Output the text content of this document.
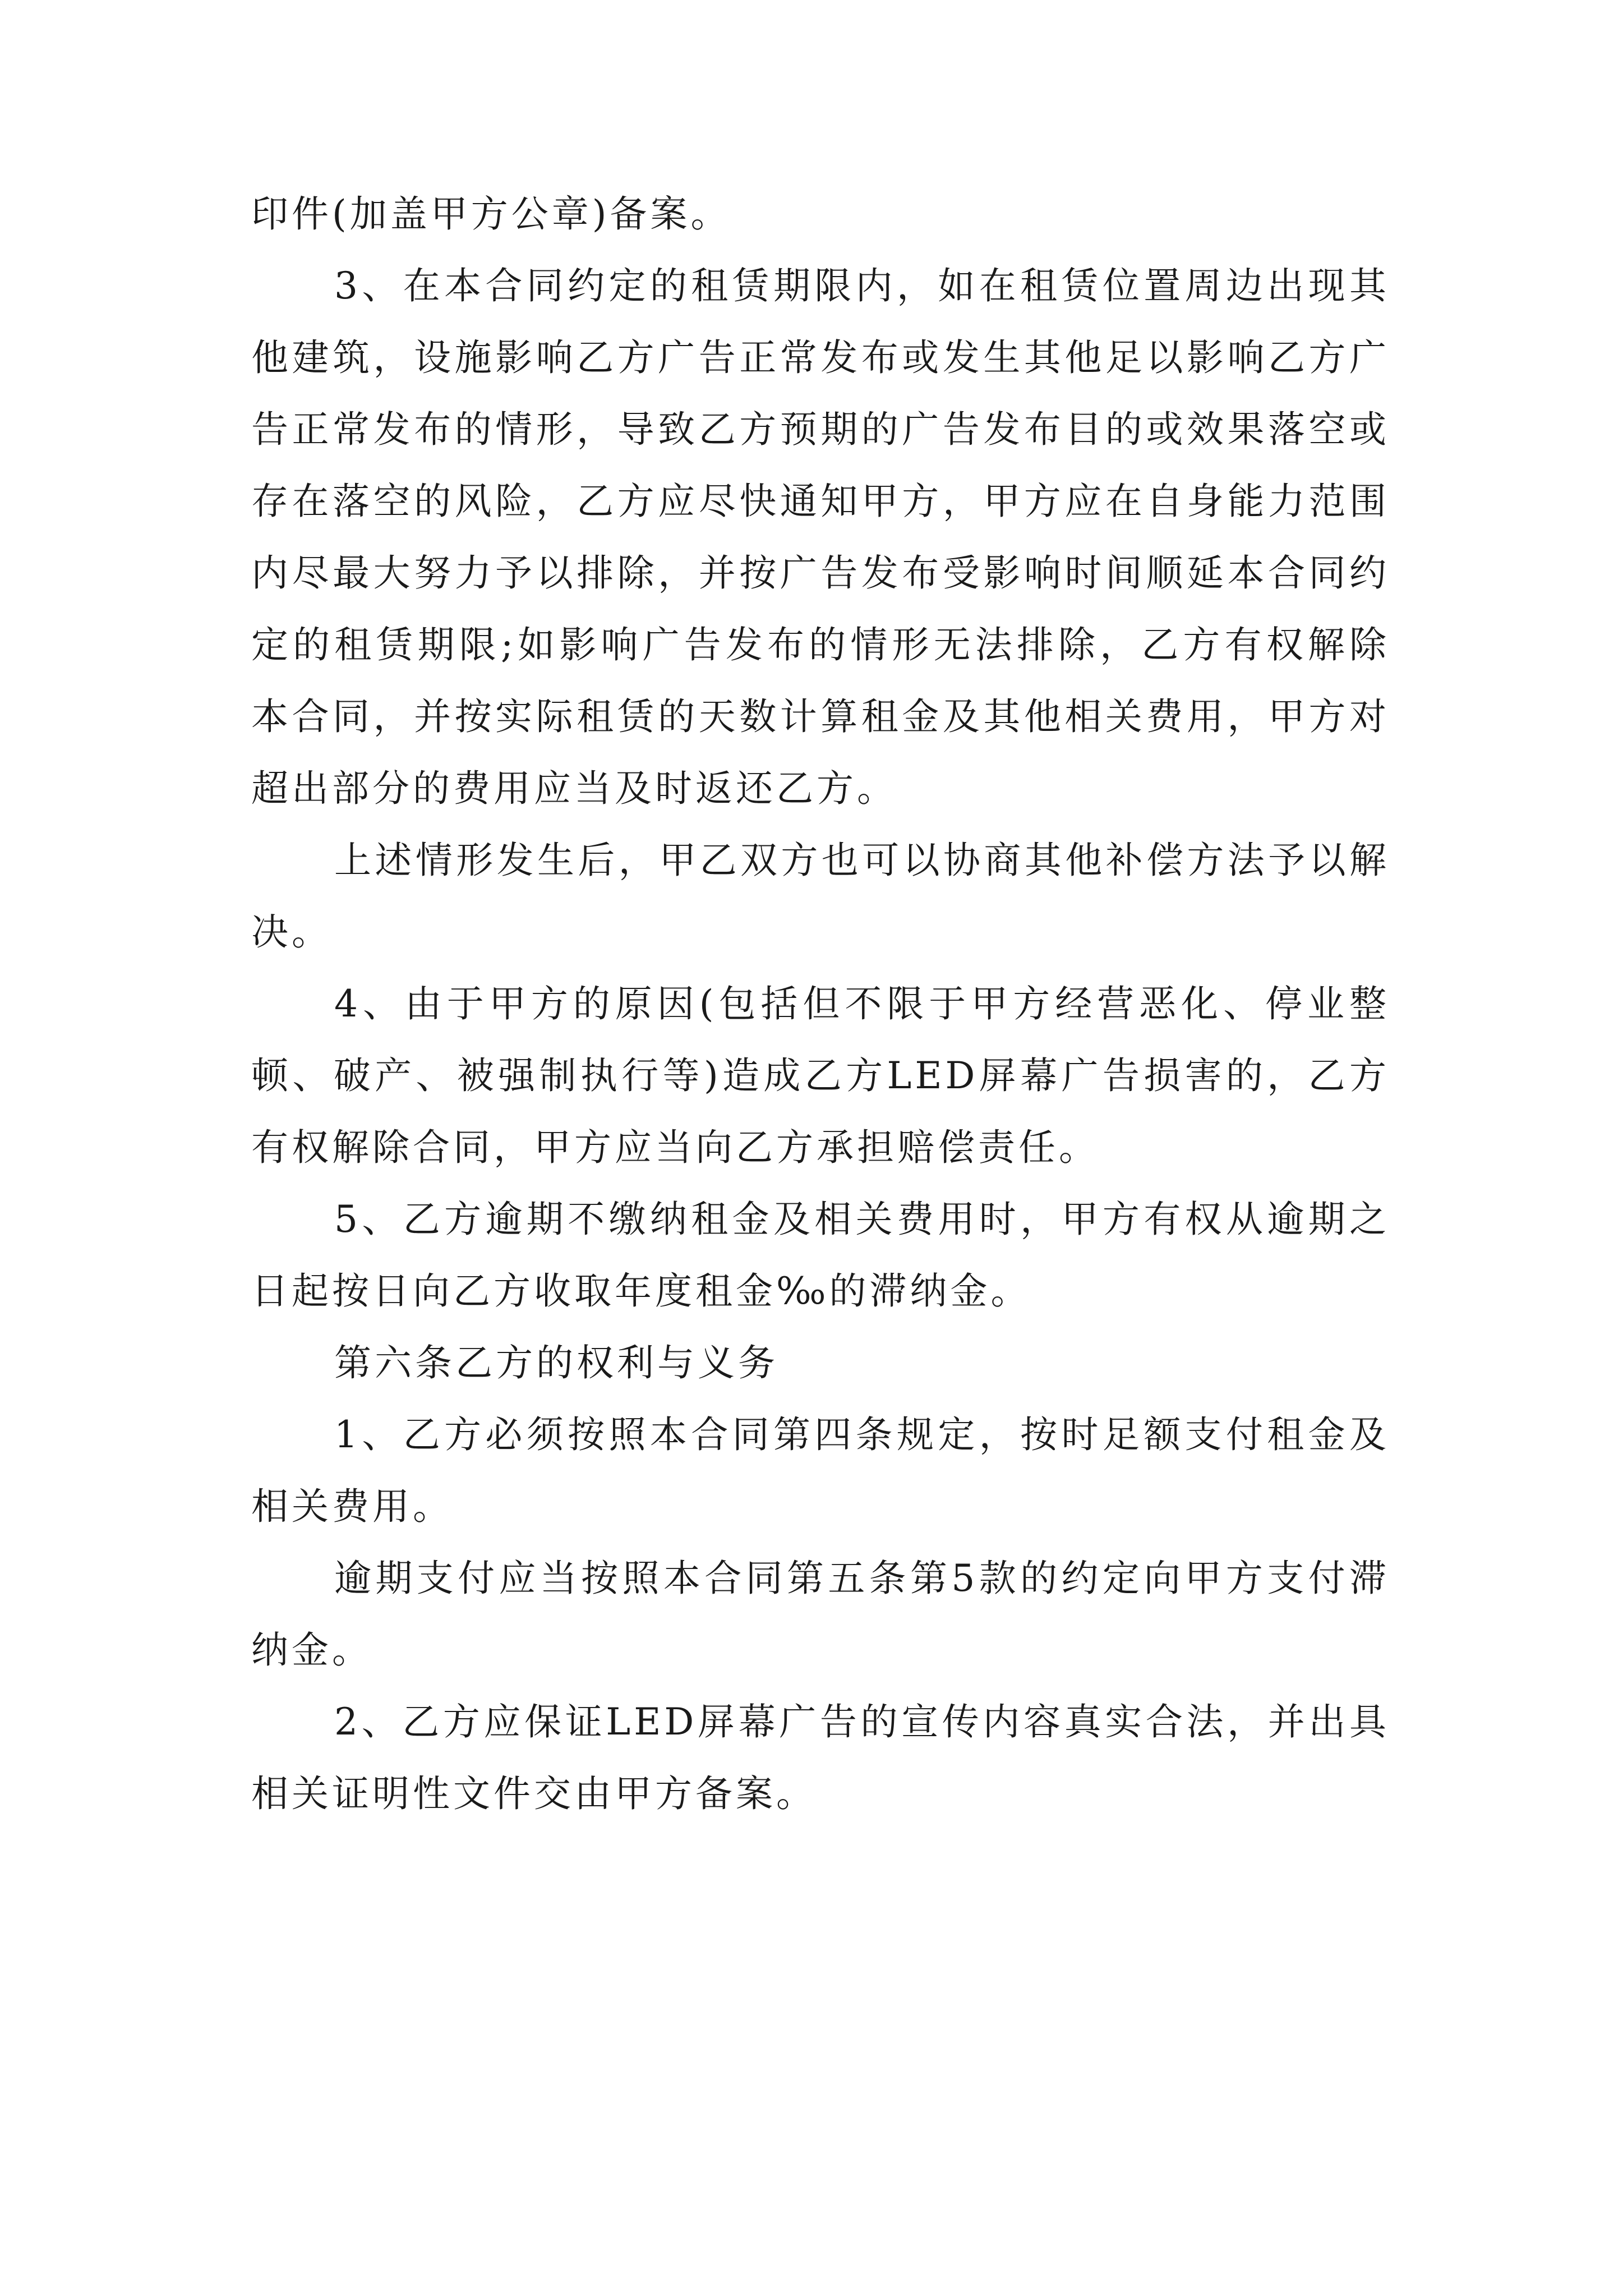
印件(加盖甲方公章)备案。

3、在本合同约定的租赁期限内，如在租赁位置周边出现其他建筑，设施影响乙方广告正常发布或发生其他足以影响乙方广告正常发布的情形，导致乙方预期的广告发布目的或效果落空或存在落空的风险，乙方应尽快通知甲方，甲方应在自身能力范围内尽最大努力予以排除，并按广告发布受影响时间顺延本合同约定的租赁期限;如影响广告发布的情形无法排除，乙方有权解除本合同，并按实际租赁的天数计算租金及其他相关费用，甲方对超出部分的费用应当及时返还乙方。

上述情形发生后，甲乙双方也可以协商其他补偿方法予以解决。

4、由于甲方的原因(包括但不限于甲方经营恶化、停业整顿、破产、被强制执行等)造成乙方LED屏幕广告损害的，乙方有权解除合同，甲方应当向乙方承担赔偿责任。

5、乙方逾期不缴纳租金及相关费用时，甲方有权从逾期之日起按日向乙方收取年度租金‰的滞纳金。

第六条乙方的权利与义务

1、乙方必须按照本合同第四条规定，按时足额支付租金及相关费用。

逾期支付应当按照本合同第五条第5款的约定向甲方支付滞纳金。

2、乙方应保证LED屏幕广告的宣传内容真实合法，并出具相关证明性文件交由甲方备案。
